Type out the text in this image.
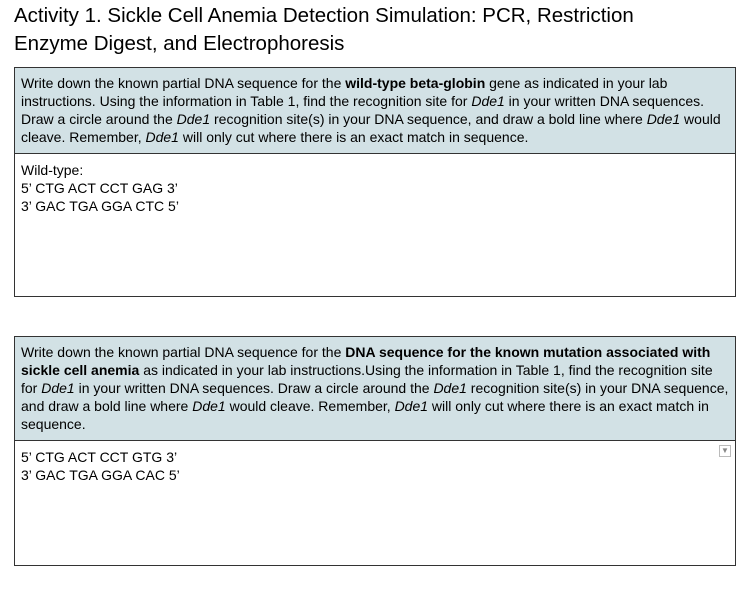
Activity 1. Sickle Cell Anemia Detection Simulation: PCR, Restriction
Enzyme Digest, and Electrophoresis
Write down the known partial DNA sequence for the wild-type beta-globin gene as indicated in your lab instructions. Using the information in Table 1, find the recognition site for Dde1 in your written DNA sequences. Draw a circle around the Dde1 recognition site(s) in your DNA sequence, and draw a bold line where Dde1 would cleave. Remember, Dde1 will only cut where there is an exact match in sequence.
Wild-type:
5’ CTG ACT CCT GAG 3’
3’ GAC TGA GGA CTC 5’
Write down the known partial DNA sequence for the DNA sequence for the known mutation associated with sickle cell anemia as indicated in your lab instructions.Using the information in Table 1, find the recognition site for Dde1 in your written DNA sequences. Draw a circle around the Dde1 recognition site(s) in your DNA sequence, and draw a bold line where Dde1 would cleave. Remember, Dde1 will only cut where there is an exact match in sequence.
5’ CTG ACT CCT GTG 3’
3’ GAC TGA GGA CAC 5’
▼
